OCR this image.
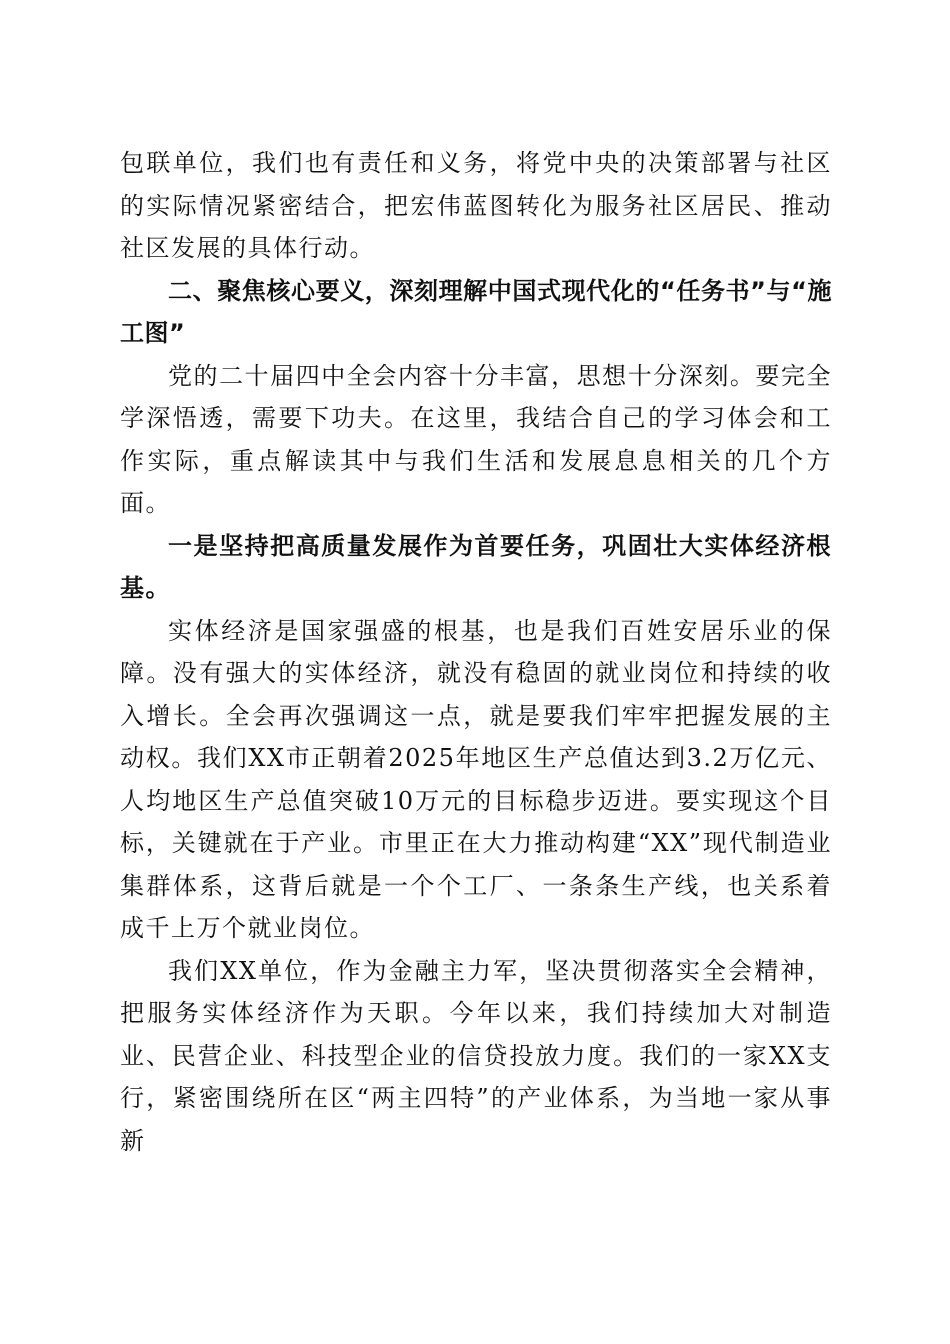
包联单位，我们也有责任和义务，将党中央的决策部署与社区的实际情况紧密结合，把宏伟蓝图转化为服务社区居民、推动社区发展的具体行动。

二、聚焦核心要义，深刻理解中国式现代化的“任务书”与“施工图”

党的二十届四中全会内容十分丰富，思想十分深刻。要完全学深悟透，需要下功夫。在这里，我结合自己的学习体会和工作实际，重点解读其中与我们生活和发展息息相关的几个方面。

一是坚持把高质量发展作为首要任务，巩固壮大实体经济根基。

实体经济是国家强盛的根基，也是我们百姓安居乐业的保障。没有强大的实体经济，就没有稳固的就业岗位和持续的收入增长。全会再次强调这一点，就是要我们牢牢把握发展的主动权。我们XX市正朝着2025年地区生产总值达到3.2万亿元、人均地区生产总值突破10万元的目标稳步迈进。要实现这个目标，关键就在于产业。市里正在大力推动构建“XX”现代制造业集群体系，这背后就是一个个工厂、一条条生产线，也关系着成千上万个就业岗位。

我们XX单位，作为金融主力军，坚决贯彻落实全会精神，把服务实体经济作为天职。今年以来，我们持续加大对制造业、民营企业、科技型企业的信贷投放力度。我们的一家XX支行，紧密围绕所在区“两主四特”的产业体系，为当地一家从事新
